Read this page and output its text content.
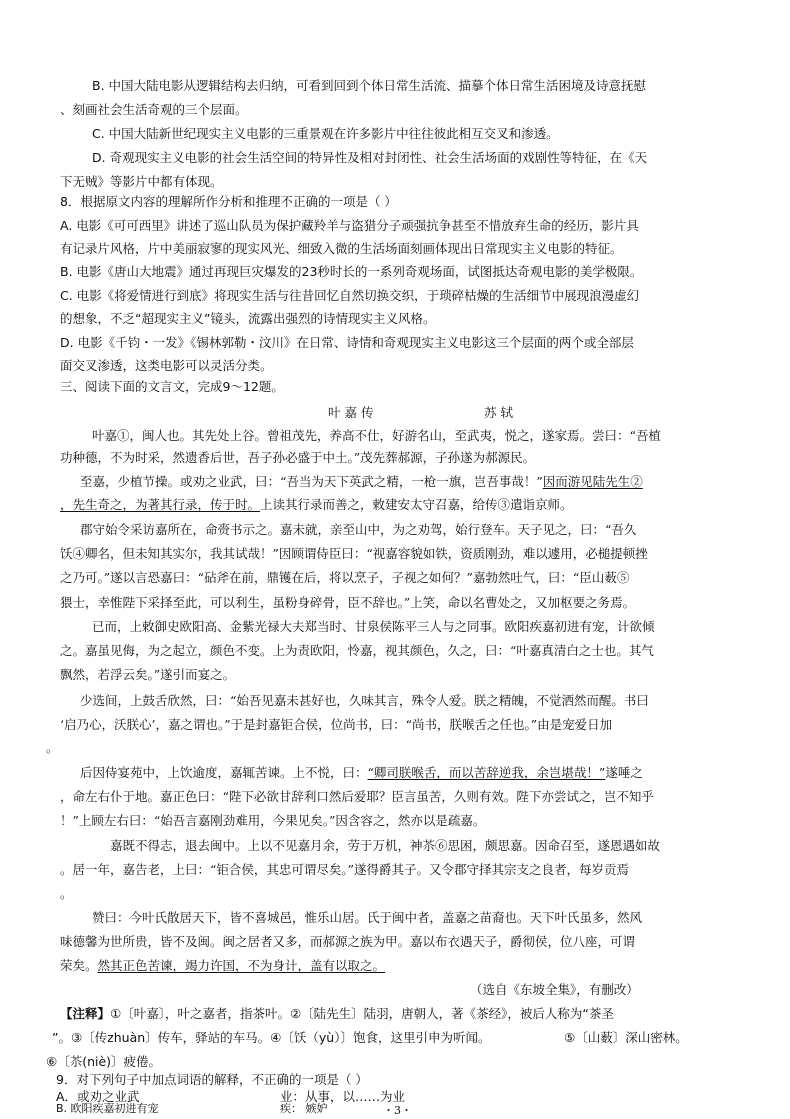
B. 中国大陆电影从逻辑结构去归纳，可看到回到个体日常生活流、描摹个体日常生活困境及诗意抚慰
、刻画社会生活奇观的三个层面。
C. 中国大陆新世纪现实主义电影的三重景观在许多影片中往往彼此相互交叉和渗透。
D. 奇观现实主义电影的社会生活空间的特异性及相对封闭性、社会生活场面的戏剧性等特征，在《天
下无贼》等影片中都有体现。
8．根据原文内容的理解所作分析和推理不正确的一项是（ ）
A. 电影《可可西里》讲述了巡山队员为保护藏羚羊与盗猎分子顽强抗争甚至不惜放弃生命的经历，影片具
有记录片风格，片中美丽寂寥的现实风光、细致入微的生活场面刻画体现出日常现实主义电影的特征。
B. 电影《唐山大地震》通过再现巨灾爆发的23秒时长的一系列奇观场面，试图抵达奇观电影的美学极限。
C. 电影《将爱情进行到底》将现实生活与往昔回忆自然切换交织，于琐碎枯燥的生活细节中展现浪漫虚幻
的想象，不乏“超现实主义”镜头，流露出强烈的诗情现实主义风格。
D. 电影《千钧・一发》《锡林郭勒・汶川》在日常、诗情和奇观现实主义电影这三个层面的两个或全部层
面交叉渗透，这类电影可以灵活分类。
三、阅读下面的文言文，完成9～12题。
叶 嘉 传	苏 轼
叶嘉①，闽人也。其先处上谷。曾祖茂先，养高不仕，好游名山，至武夷，悦之，遂家焉。尝曰：“吾植
功种德，不为时采，然遗香后世，吾子孙必盛于中土。”茂先葬郝源，子孙遂为郝源民。
至嘉，少植节操。或劝之业武，曰：“吾当为天下英武之精，一枪一旗，岂吾事哉！”因而游见陆先生②
，先生奇之，为著其行录，传于时。上读其行录而善之，敕建安太守召嘉，给传③遣诣京师。
郡守始令采访嘉所在，命赍书示之。嘉未就，亲至山中，为之劝驾，始行登车。天子见之，曰：“吾久
饫④卿名，但未知其实尔，我其试哉！”因顾谓侍臣曰：“视嘉容貌如铁，资质刚劲，难以遽用，必槌提顿挫
之乃可。”遂以言恐嘉曰：“砧斧在前，鼎镬在后，将以烹子，子视之如何？”嘉勃然吐气，曰：“臣山薮⑤
猥士，幸惟陛下采择至此，可以利生，虽粉身碎骨，臣不辞也。”上笑，命以名曹处之，又加枢要之务焉。
已而，上敕御史欧阳高、金紫光禄大夫郑当时、甘泉侯陈平三人与之同事。欧阳疾嘉初进有宠，计欲倾
之。嘉虽见侮，为之起立，颜色不变。上为责欧阳，怜嘉，视其颜色，久之，曰：“叶嘉真清白之士也。其气
飘然，若浮云矣。”遂引而宴之。
少选间，上鼓舌欣然，曰：“始吾见嘉未甚好也，久味其言，殊令人爱。朕之精魄，不觉洒然而醒。书曰
‘启乃心，沃朕心’，嘉之谓也。”于是封嘉钜合侯，位尚书，曰：“尚书，朕喉舌之任也。”由是宠爱日加
。
后因侍宴苑中，上饮逾度，嘉辄苦谏。上不悦，曰：“卿司朕喉舌，而以苦辞逆我，余岂堪哉！”遂唾之
，命左右仆于地。嘉正色曰：“陛下必欲甘辞利口然后爱耶？臣言虽苦，久则有效。陛下亦尝试之，岂不知乎
！”上顾左右曰：“始吾言嘉刚劲难用，今果见矣。”因含容之，然亦以是疏嘉。
嘉既不得志，退去闽中。上以不见嘉月余，劳于万机，神苶⑥思困，颇思嘉。因命召至，遂恩遇如故
。居一年，嘉告老，上曰：“钜合侯，其忠可谓尽矣。”遂得爵其子。又令郡守择其宗支之良者，每岁贡焉
。
赞曰：今叶氏散居天下，皆不喜城邑，惟乐山居。氏于闽中者，盖嘉之苗裔也。天下叶氏虽多，然风
味德馨为世所贵，皆不及闽。闽之居者又多，而郝源之族为甲。嘉以布衣遇天子，爵彻侯，位八座，可谓
荣矣。然其正色苦谏，竭力许国，不为身计，盖有以取之。
（选自《东坡全集》，有删改）
【注释】①〔叶嘉〕，叶之嘉者，指茶叶。②〔陆先生〕陆羽，唐朝人，著《茶经》，被后人称为“茶圣
”。③〔传zhuàn〕传车，驿站的车马。④〔饫（yù）〕饱食，这里引申为听闻。	⑤〔山薮〕深山密林。
⑥〔苶(niè)〕疲倦。
9．对下列句子中加点词语的解释，不正确的一项是（ ）
A．或劝之业武	业：从事，以……为业
B. 欧阳疾嘉初进有宠	疾： 嫉妒	・3・
